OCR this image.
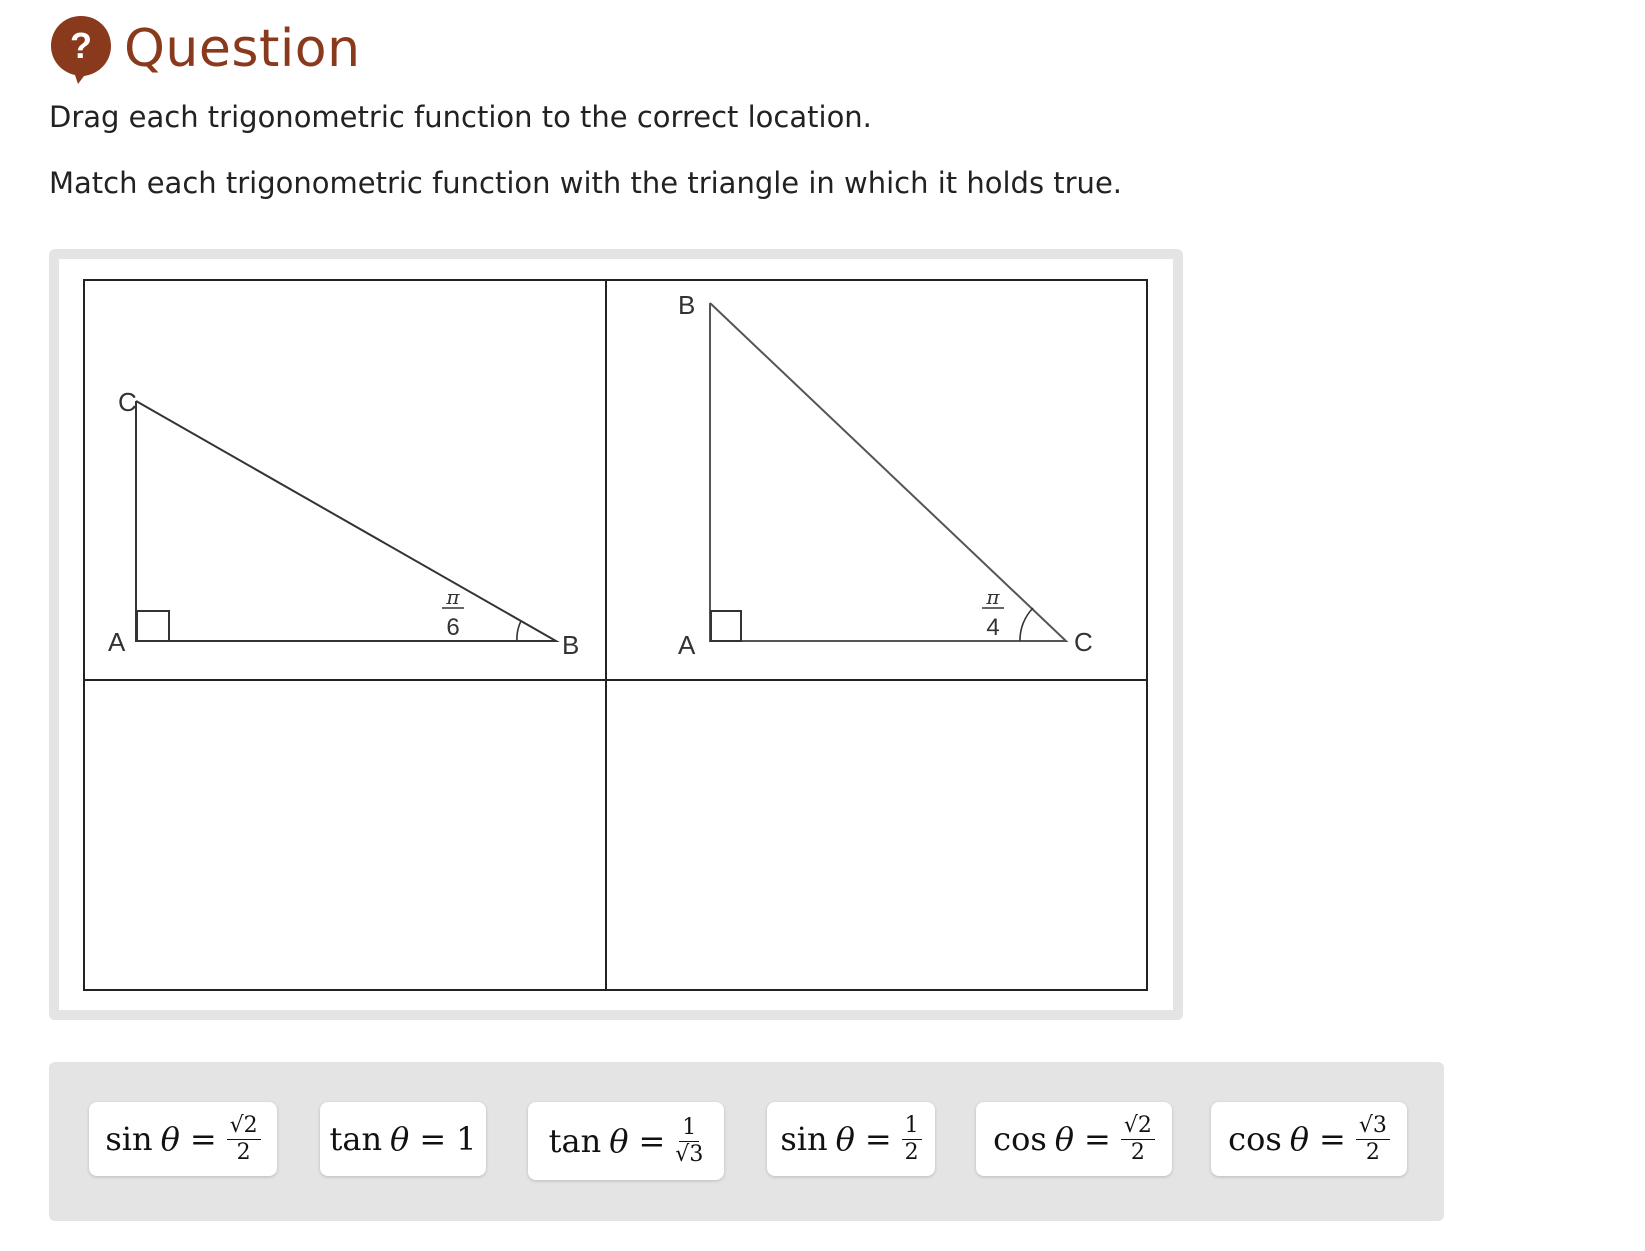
? Question
Drag each trigonometric function to the correct location.
Match each trigonometric function with the triangle in which it holds true.
C
A	B
π
6
B
A	C
π
4
$\sin \theta = \frac{√2}{2}$ tan θ = 1 $\tan \theta = \frac{1}{√3}$ $\sin \theta = \frac{1}{2}$ $\cos \theta = \frac{√2}{2}$ $\cos \theta = \frac{√3}{2}$
